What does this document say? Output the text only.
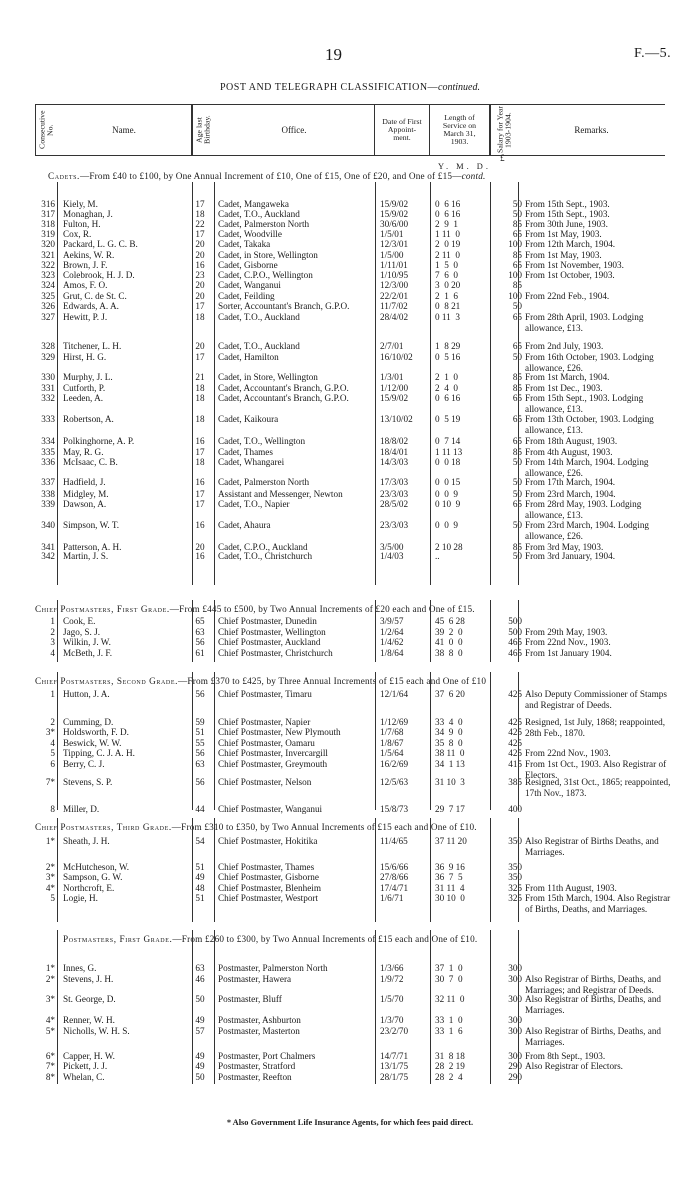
19	F.—5.
POST AND TELEGRAPH CLASSIFICATION—continued.
Consecutive No.	Name.	Age last Birthday.	Office.
Date of First Appoint-ment.
Length of Service on March 31, 1903.	Salary for Year 1903-1904.	Remarks.
Y. M. D.
£
Cadets.—From £40 to £100, by One Annual Increment of £10, One of £15, One of £20, and One of £15—contd.
Chief Postmasters, First Grade.—From £445 to £500, by Two Annual Increments of £20 each and One of £15.
Chief Postmasters, Second Grade.—From £370 to £425, by Three Annual Increments of £15 each and One of £10
Chief Postmasters, Third Grade.—From £310 to £350, by Two Annual Increments of £15 each and One of £10.
Postmasters, First Grade.—From £260 to £300, by Two Annual Increments of £15 each and One of £10.
316 Kiely, M.	17	Cadet, Mangaweka	15/9/02	0  6 16	50 From 15th Sept., 1903.
317 Monaghan, J.	18	Cadet, T.O., Auckland	15/9/02	0  6 16	50 From 15th Sept., 1903.
318 Fulton, H.	22	Cadet, Palmerston North	30/6/00	2  9  1	85 From 30th June, 1903.
319 Cox, R.	17	Cadet, Woodville	1/5/01	1 11  0	65 From 1st May, 1903.
320 Packard, L. G. C. B.	20	Cadet, Takaka	12/3/01	2  0 19	100 From 12th March, 1904.
321 Aekins, W. R.	20	Cadet, in Store, Wellington	1/5/00	2 11  0	85 From 1st May, 1903.
322 Brown, J. F.	16	Cadet, Gisborne	1/11/01	1  5  0	65 From 1st November, 1903.
323 Colebrook, H. J. D.	23	Cadet, C.P.O., Wellington	1/10/95	7  6  0	100 From 1st October, 1903.
324 Amos, F. O.	20	Cadet, Wanganui	12/3/00	3  0 20	85
325 Grut, C. de St. C.	20	Cadet, Feilding	22/2/01	2  1  6	100 From 22nd Feb., 1904.
326 Edwards, A. A.	17	Sorter, Accountant's Branch, G.P.O.	11/7/02	0  8 21	50
327 Hewitt, P. J.	18	Cadet, T.O., Auckland	28/4/02	0 11  3	65 From 28th April, 1903. Lodging allowance, £13.
328 Titchener, L. H.	20	Cadet, T.O., Auckland	2/7/01	1  8 29	65 From 2nd July, 1903.
329 Hirst, H. G.	17	Cadet, Hamilton	16/10/02 0  5 16	50 From 16th October, 1903. Lodging allowance, £26.
330 Murphy, J. L.	21	Cadet, in Store, Wellington	1/3/01	2  1  0	85 From 1st March, 1904.
331 Cutforth, P.	18	Cadet, Accountant's Branch, G.P.O.	1/12/00	2  4  0	85 From 1st Dec., 1903.
332 Leeden, A.	18	Cadet, Accountant's Branch, G.P.O.	15/9/02	0  6 16	65 From 15th Sept., 1903. Lodging allowance, £13.
333 Robertson, A.	18	Cadet, Kaikoura	13/10/02 0  5 19	65 From 13th October, 1903. Lodging allowance, £13.
334 Polkinghorne, A. P.	16	Cadet, T.O., Wellington	18/8/02	0  7 14	65 From 18th August, 1903.
335 May, R. G.	17	Cadet, Thames	18/4/01	1 11 13	85 From 4th August, 1903.
336 McIsaac, C. B.	18	Cadet, Whangarei	14/3/03	0  0 18	50 From 14th March, 1904. Lodging allowance, £26.
337 Hadfield, J.	16	Cadet, Palmerston North	17/3/03	0  0 15	50 From 17th March, 1904.
338 Midgley, M.	17	Assistant and Messenger, Newton	23/3/03	0  0  9	50 From 23rd March, 1904.
339 Dawson, A.	17	Cadet, T.O., Napier	28/5/02	0 10  9	65 From 28rd May, 1903. Lodging allowance, £13.
340 Simpson, W. T.	16	Cadet, Ahaura	23/3/03	0  0  9	50 From 23rd March, 1904. Lodging allowance, £26.
341 Patterson, A. H.	20	Cadet, C.P.O., Auckland	3/5/00	2 10 28	85 From 3rd May, 1903.
342 Martin, J. S.	16	Cadet, T.O., Christchurch	1/4/03	..	50 From 3rd January, 1904.
1 Cook, E.	65	Chief Postmaster, Dunedin	3/9/57	45  6 28	500
2 Jago, S. J.	63	Chief Postmaster, Wellington	1/2/64	39  2  0	500 From 29th May, 1903.
3 Wilkin, J. W.	56	Chief Postmaster, Auckland	1/4/62	41  0  0	465 From 22nd Nov., 1903.
4 McBeth, J. F.	61	Chief Postmaster, Christchurch	1/8/64	38  8  0	465 From 1st January 1904.
1 Hutton, J. A.	56	Chief Postmaster, Timaru	12/1/64	37  6 20	425 Also Deputy Commissioner of Stamps and Registrar of Deeds.
2 Cumming, D.	59	Chief Postmaster, Napier	1/12/69	33  4  0	425 Resigned, 1st July, 1868; reappointed, 28th Feb., 1870.
3* Holdsworth, F. D.	51	Chief Postmaster, New Plymouth	1/7/68	34  9  0	425
4 Beswick, W. W.	55	Chief Postmaster, Oamaru	1/8/67	35  8  0	425
5 Tipping, C. J. A. H.	56	Chief Postmaster, Invercargill	1/5/64	38 11  0	425 From 22nd Nov., 1903.
6 Berry, C. J.	63	Chief Postmaster, Greymouth	16/2/69	34  1 13	415 From 1st Oct., 1903. Also Registrar of Electors.
7* Stevens, S. P.	56	Chief Postmaster, Nelson	12/5/63	31 10  3	385 Resigned, 31st Oct., 1865; reappointed, 17th Nov., 1873.
8 Miller, D.	44	Chief Postmaster, Wanganui	15/8/73	29  7 17	400
1* Sheath, J. H.	54	Chief Postmaster, Hokitika	11/4/65	37 11 20	350 Also Registrar of Births Deaths, and Marriages.
2* McHutcheson, W.	51	Chief Postmaster, Thames	15/6/66	36  9 16	350
3* Sampson, G. W.	49	Chief Postmaster, Gisborne	27/8/66	36  7  5	350
4* Northcroft, E.	48	Chief Postmaster, Blenheim	17/4/71	31 11  4	325 From 11th August, 1903.
5 Logie, H.	51	Chief Postmaster, Westport	1/6/71	30 10  0	325 From 15th March, 1904. Also Registrar of Births, Deaths, and Marriages.
1* Innes, G.	63	Postmaster, Palmerston North	1/3/66	37  1  0	300
2* Stevens, J. H.	46	Postmaster, Hawera	1/9/72	30  7  0	300 Also Registrar of Births, Deaths, and Marriages; and Registrar of Deeds.
3* St. George, D.	50	Postmaster, Bluff	1/5/70	32 11  0	300 Also Registrar of Births, Deaths, and Marriages.
4* Renner, W. H.	49	Postmaster, Ashburton	1/3/70	33  1  0	300
5* Nicholls, W. H. S.	57	Postmaster, Masterton	23/2/70	33  1  6	300 Also Registrar of Births, Deaths, and Marriages.
6* Capper, H. W.	49	Postmaster, Port Chalmers	14/7/71	31  8 18	300 From 8th Sept., 1903.
7* Pickett, J. J.	49	Postmaster, Stratford	13/1/75	28  2 19	290 Also Registrar of Electors.
8* Whelan, C.	50	Postmaster, Reefton	28/1/75	28  2  4	290
* Also Government Life Insurance Agents, for which fees paid direct.
